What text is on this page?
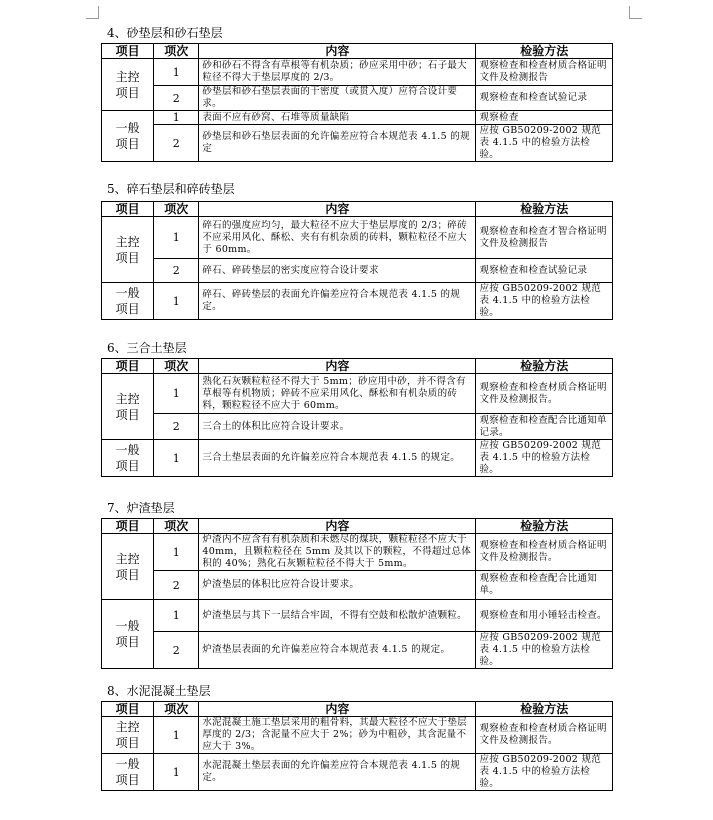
4、砂垫层和砂石垫层
项目	项次	内容	检验方法
主控
项目	1	砂和砂石不得含有草根等有机杂质；砂应采用中砂；石子最大粒径不得大于垫层厚度的 2/3。	观察检查和检查材质合格证明文件及检测报告
	2	砂垫层和砂石垫层表面的干密度（或贯入度）应符合设计要求。	观察检查和检查试验记录
一般
项目	1	表面不应有砂窝、石堆等质量缺陷	观察检查
	2	砂垫层和砂石垫层表面的允许偏差应符合本规范表 4.1.5 的规定	应按 GB50209-2002 规范表 4.1.5 中的检验方法检验。
5、碎石垫层和碎砖垫层
项目	项次	内容	检验方法
主控
项目	1	碎石的强度应均匀，最大粒径不应大于垫层厚度的 2/3；碎砖不应采用风化、酥松、夹有有机杂质的砖料，颗粒粒径不应大于 60mm。	观察检查和检查才智合格证明文件及检测报告
	2	碎石、碎砖垫层的密实度应符合设计要求	观察检查和检查试验记录
一般
项目	1	碎石、碎砖垫层的表面允许偏差应符合本规范表 4.1.5 的规定。	应按 GB50209-2002 规范表 4.1.5 中的检验方法检验。
6、三合土垫层
项目	项次	内容	检验方法
主控
项目	1	熟化石灰颗粒粒径不得大于 5mm；砂应用中砂，并不得含有草根等有机物质；碎砖不应采用风化、酥松和有机杂质的砖料，颗粒粒径不应大于 60mm。	观察检查和检查材质合格证明文件及检测报告。
	2	三合土的体积比应符合设计要求。	观察检查和检查配合比通知单记录。
一般
项目	1	三合土垫层表面的允许偏差应符合本规范表 4.1.5 的规定。	应按 GB50209-2002 规范表 4.1.5 中的检验方法检验。
7、炉渣垫层
项目	项次	内容	检验方法
主控
项目	1	炉渣内不应含有有机杂质和未燃尽的煤块，颗粒粒径不应大于 40mm，且颗粒粒径在 5mm 及其以下的颗粒，不得超过总体积的 40%；熟化石灰颗粒粒径不得大于 5mm。	观察检查和检查材质合格证明文件及检测报告。
	2	炉渣垫层的体积比应符合设计要求。	观察检查和检查配合比通知单。
一般
项目	1	炉渣垫层与其下一层结合牢固，不得有空鼓和松散炉渣颗粒。	观察检查和用小锤轻击检查。
	2	炉渣垫层表面的允许偏差应符合本规范表 4.1.5 的规定。	应按 GB50209-2002 规范表 4.1.5 中的检验方法检验。
8、水泥混凝土垫层
项目	项次	内容	检验方法
主控
项目	1	水泥混凝土施工垫层采用的粗骨料，其最大粒径不应大于垫层厚度的 2/3；含泥量不应大于 2%；砂为中粗砂，其含泥量不应大于 3%。	观察检查和检查材质合格证明文件及检测报告。
一般
项目	1	水泥混凝土垫层表面的允许偏差应符合本规范表 4.1.5 的规定。	应按 GB50209-2002 规范表 4.1.5 中的检验方法检验。
